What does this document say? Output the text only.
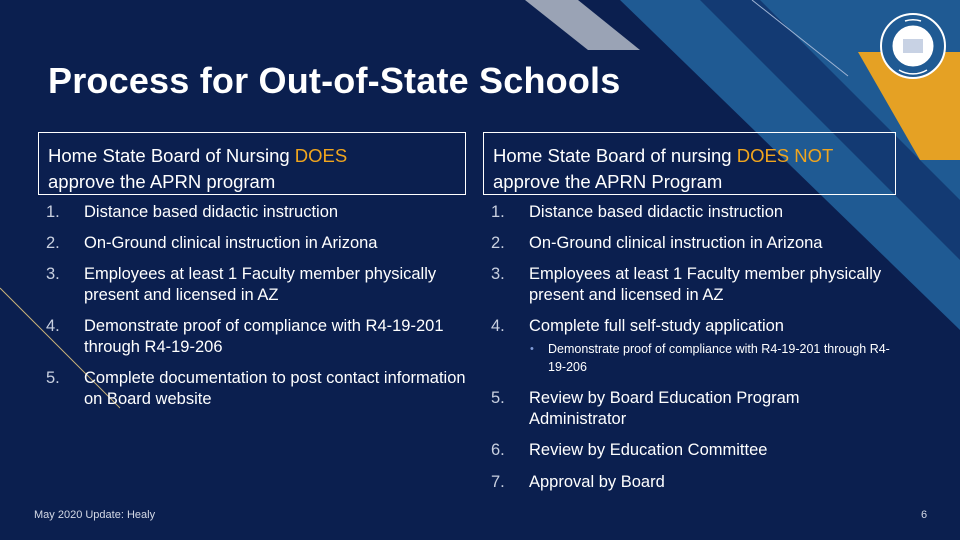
Process for Out-of-State Schools
Home State Board of Nursing DOES
approve the APRN program
Home State Board of nursing DOES NOT approve the APRN Program
1.	Distance based didactic instruction
2.	On-Ground clinical instruction in Arizona
3.	Employees at least 1 Faculty member physically present and licensed in AZ
4.	Demonstrate proof of compliance with R4-19-201 through R4-19-206
5.	Complete documentation to post contact information on Board website
1.	Distance based didactic instruction
2.	On-Ground clinical instruction in Arizona
3.	Employees at least 1 Faculty member physically present and licensed in AZ
4.	Complete full self-study application
•	Demonstrate proof of compliance with R4-19-201 through R4-19-206
5.	Review by Board Education Program Administrator
6.	Review by Education Committee
7.	Approval by Board
May 2020 Update: Healy	6
